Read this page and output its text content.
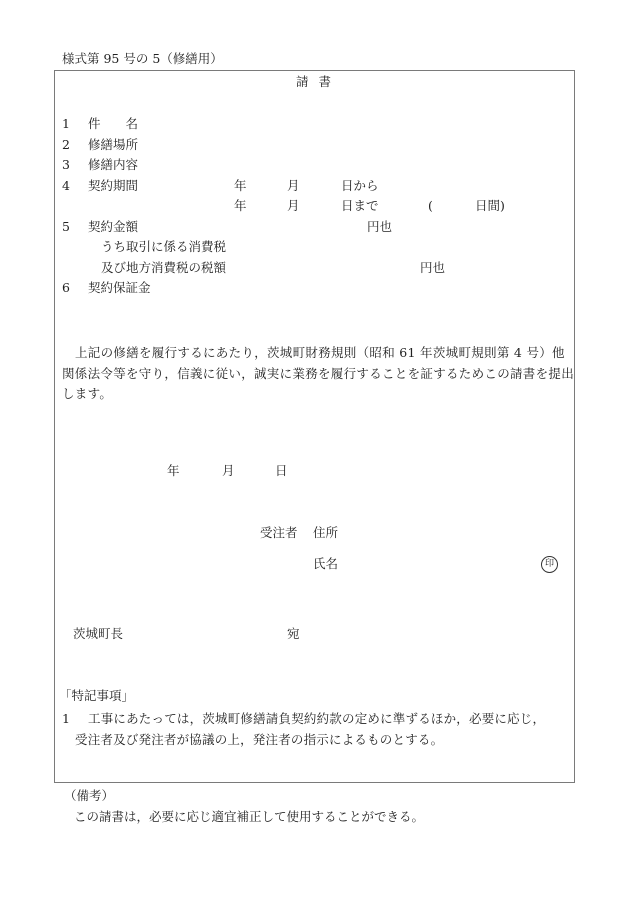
様式第 95 号の 5（修繕用）
請書
1 件　　名
2 修繕場所
3 修繕内容
4 契約期間	年	月	日から
年	月	日まで	(	日間)
5 契約金額	円也
うち取引に係る消費税
及び地方消費税の税額	円也
6 契約保証金
上記の修繕を履行するにあたり，茨城町財務規則（昭和 61 年茨城町規則第 4 号）他関係法令等を守り，信義に従い，誠実に業務を履行することを証するためこの請書を提出します。
年	月	日
受注者 住所
氏名	印
茨城町長	宛
「特記事項」
1 工事にあたっては，茨城町修繕請負契約約款の定めに準ずるほか，必要に応じ，
受注者及び発注者が協議の上，発注者の指示によるものとする。
（備考）
この請書は，必要に応じ適宜補正して使用することができる。
